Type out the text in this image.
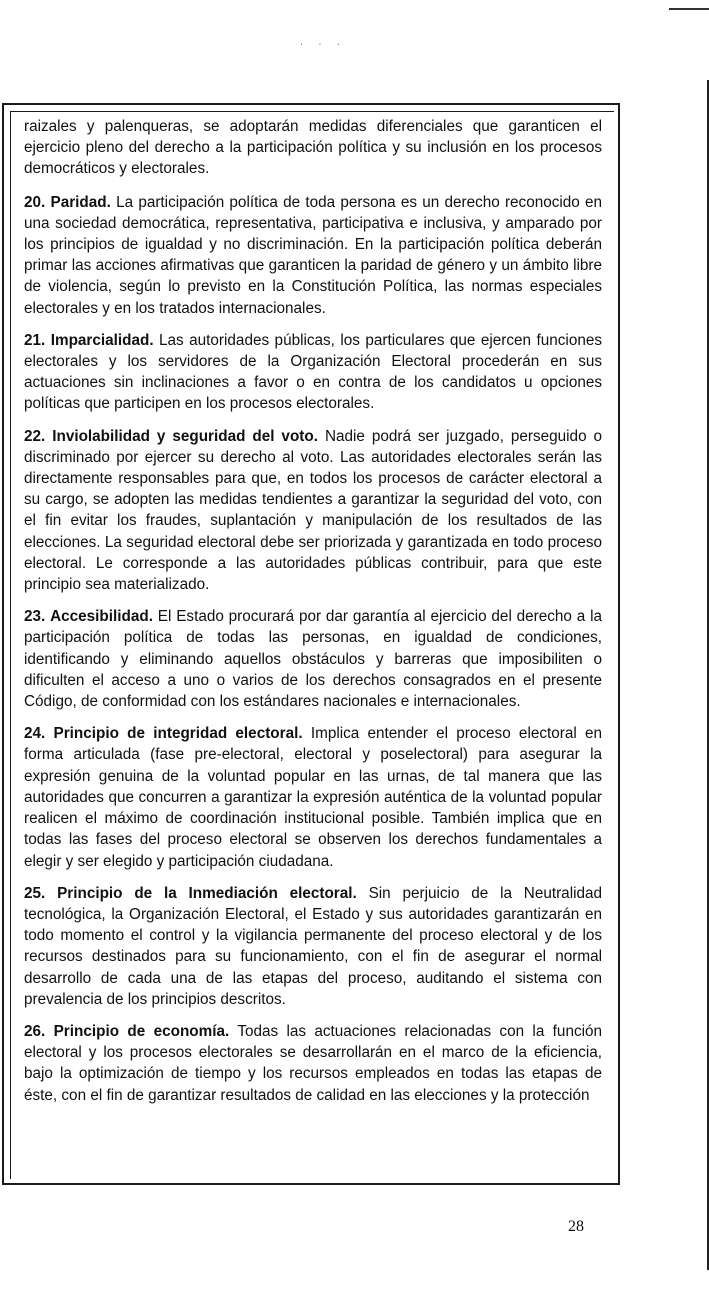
· · ·

raizales y palenqueras, se adoptarán medidas diferenciales que garanticen el ejercicio pleno del derecho a la participación política y su inclusión en los procesos democráticos y electorales.

20. Paridad. La participación política de toda persona es un derecho reconocido en una sociedad democrática, representativa, participativa e inclusiva, y amparado por los principios de igualdad y no discriminación. En la participación política deberán primar las acciones afirmativas que garanticen la paridad de género y un ámbito libre de violencia, según lo previsto en la Constitución Política, las normas especiales electorales y en los tratados internacionales.

21. Imparcialidad. Las autoridades públicas, los particulares que ejercen funciones electorales y los servidores de la Organización Electoral procederán en sus actuaciones sin inclinaciones a favor o en contra de los candidatos u opciones políticas que participen en los procesos electorales.

22. Inviolabilidad y seguridad del voto. Nadie podrá ser juzgado, perseguido o discriminado por ejercer su derecho al voto. Las autoridades electorales serán las directamente responsables para que, en todos los procesos de carácter electoral a su cargo, se adopten las medidas tendientes a garantizar la seguridad del voto, con el fin evitar los fraudes, suplantación y manipulación de los resultados de las elecciones. La seguridad electoral debe ser priorizada y garantizada en todo proceso electoral. Le corresponde a las autoridades públicas contribuir, para que este principio sea materializado.

23. Accesibilidad. El Estado procurará por dar garantía al ejercicio del derecho a la participación política de todas las personas, en igualdad de condiciones, identificando y eliminando aquellos obstáculos y barreras que imposibiliten o dificulten el acceso a uno o varios de los derechos consagrados en el presente Código, de conformidad con los estándares nacionales e internacionales.

24. Principio de integridad electoral. Implica entender el proceso electoral en forma articulada (fase pre-electoral, electoral y poselectoral) para asegurar la expresión genuina de la voluntad popular en las urnas, de tal manera que las autoridades que concurren a garantizar la expresión auténtica de la voluntad popular realicen el máximo de coordinación institucional posible. También implica que en todas las fases del proceso electoral se observen los derechos fundamentales a elegir y ser elegido y participación ciudadana.

25. Principio de la Inmediación electoral. Sin perjuicio de la Neutralidad tecnológica, la Organización Electoral, el Estado y sus autoridades garantizarán en todo momento el control y la vigilancia permanente del proceso electoral y de los recursos destinados para su funcionamiento, con el fin de asegurar el normal desarrollo de cada una de las etapas del proceso, auditando el sistema con prevalencia de los principios descritos.

26. Principio de economía. Todas las actuaciones relacionadas con la función electoral y los procesos electorales se desarrollarán en el marco de la eficiencia, bajo la optimización de tiempo y los recursos empleados en todas las etapas de éste, con el fin de garantizar resultados de calidad en las elecciones y la protección

28
